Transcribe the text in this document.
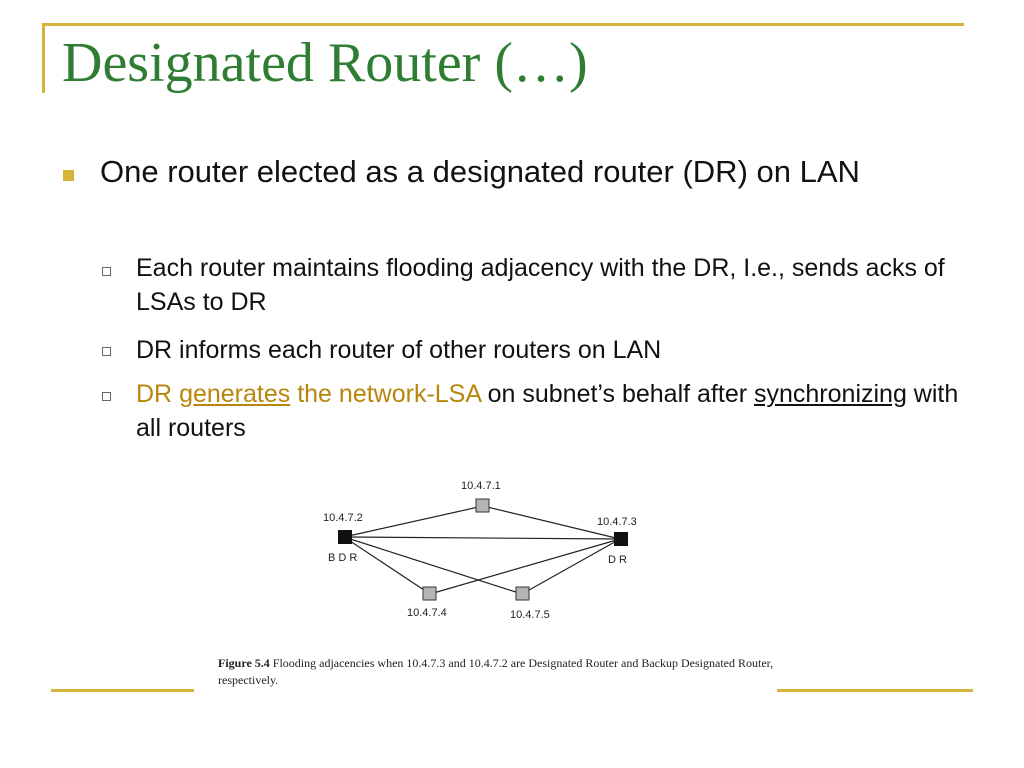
Designated Router (…)
One router elected as a designated router (DR) on LAN
Each router maintains flooding adjacency with the DR, I.e., sends acks of LSAs to DR
DR informs each router of other routers on LAN
DR generates the network-LSA on subnet’s behalf after synchronizing with all routers
10.4.7.1
10.4.7.2	10.4.7.3
10.4.7.4	10.4.7.5
B D R	D R

Figure 5.4 Flooding adjacencies when 10.4.7.3 and 10.4.7.2 are Designated Router and Backup Designated Router, respectively.
